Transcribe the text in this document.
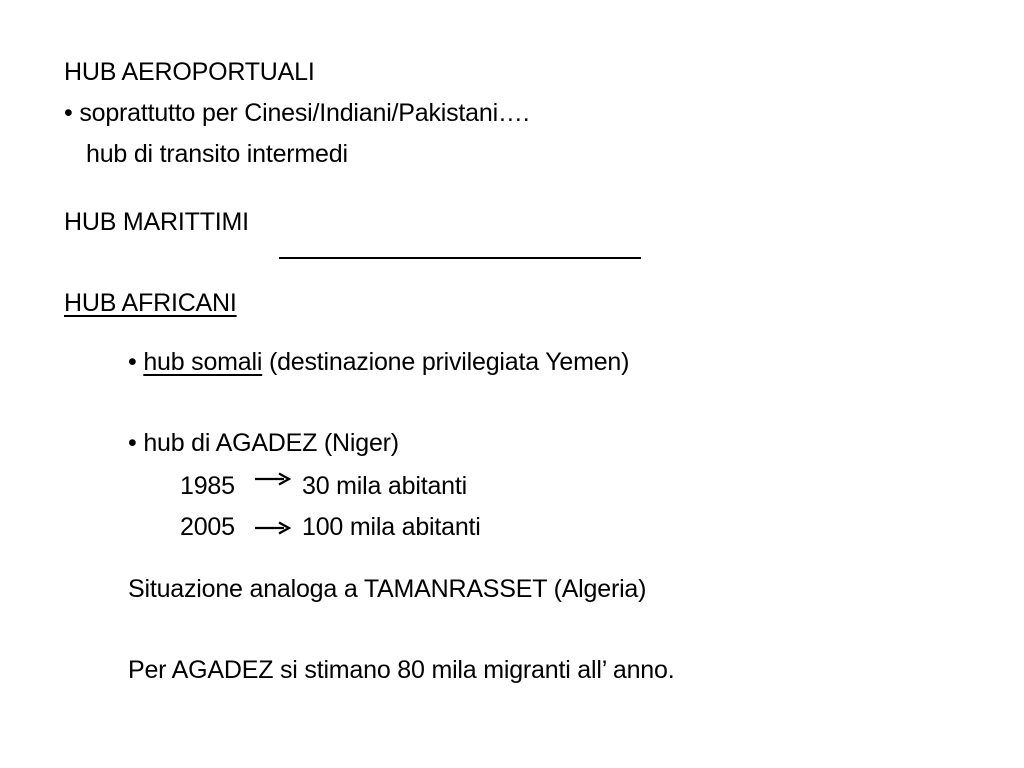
HUB AEROPORTUALI
• soprattutto per Cinesi/Indiani/Pakistani….
hub di transito intermedi
HUB MARITTIMI
HUB AFRICANI
• hub somali (destinazione privilegiata Yemen)
• hub di AGADEZ (Niger)
1985	30 mila abitanti
2005	100 mila abitanti
Situazione analoga a TAMANRASSET (Algeria)
Per AGADEZ si stimano 80 mila migranti all’ anno.
